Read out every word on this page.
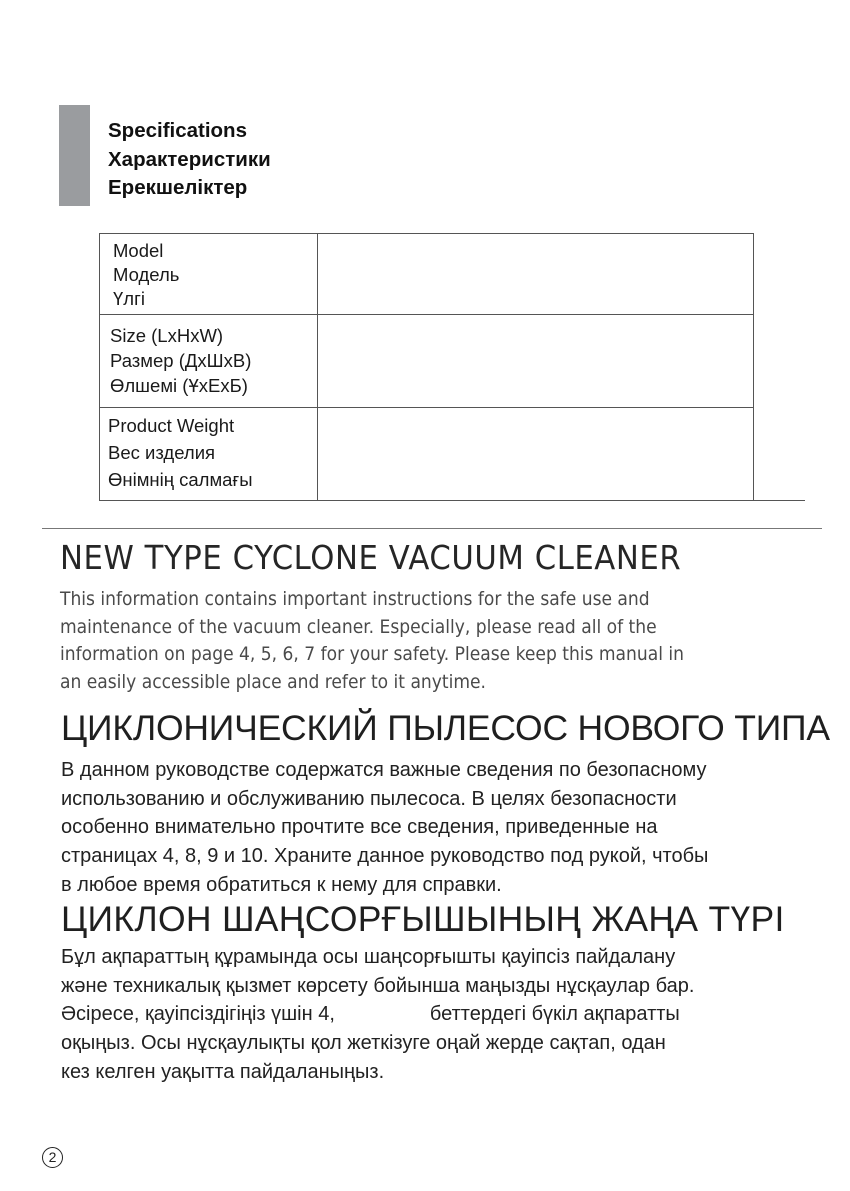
Specifications
Характеристики
Ерекшеліктер
Model
Модель
Үлгі
Size (LxHxW)
Размер (ДхШхВ)
Өлшемі (ҰхЕхБ)
Product Weight
Вес изделия
Өнімнің салмағы
NEW TYPE CYCLONE VACUUM CLEANER
This information contains important instructions for the safe use and
maintenance of the vacuum cleaner. Especially, please read all of the
information on page 4, 5, 6, 7 for your safety. Please keep this manual in
an easily accessible place and refer to it anytime.
ЦИКЛОНИЧЕСКИЙ ПЫЛЕСОС НОВОГО ТИПА
В данном руководстве содержатся важные сведения по безопасному
использованию и обслуживанию пылесоса. В целях безопасности
особенно внимательно прочтите все сведения, приведенные на
страницах 4, 8, 9 и 10. Храните данное руководство под рукой, чтобы
в любое время обратиться к нему для справки.
ЦИКЛОН ШАҢСОРҒЫШЫНЫҢ ЖАҢА ТҮРІ
Бұл ақпараттың құрамында осы шаңсорғышты қауіпсіз пайдалану
және техникалық қызмет көрсету бойынша маңызды нұсқаулар бар.
Әсіресе, қауіпсіздігіңіз үшін 4,	беттердегі бүкіл ақпаратты
оқыңыз. Осы нұсқаулықты қол жеткізуге оңай жерде сақтап, одан
кез келген уақытта пайдаланыңыз.
2
